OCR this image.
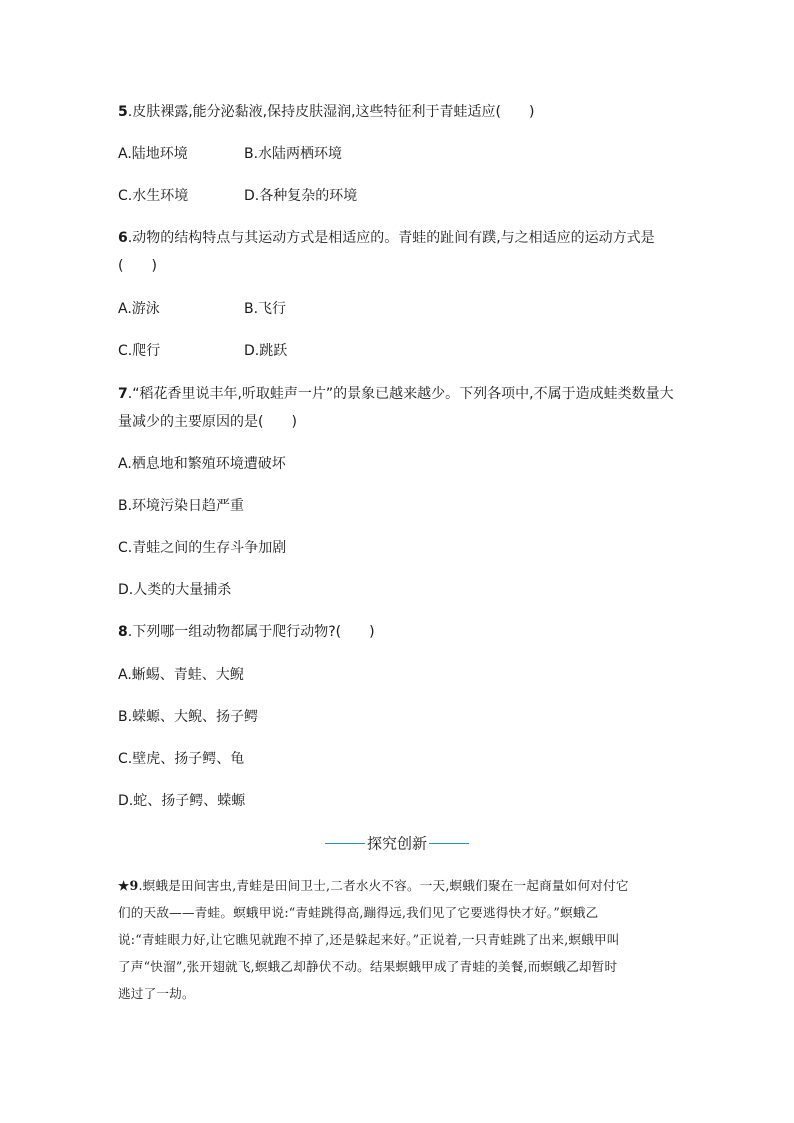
5.皮肤裸露,能分泌黏液,保持皮肤湿润,这些特征利于青蛙适应(　　)
A.陆地环境	B.水陆两栖环境
C.水生环境	D.各种复杂的环境
6.动物的结构特点与其运动方式是相适应的。青蛙的趾间有蹼,与之相适应的运动方式是
(　　)
A.游泳	B.飞行
C.爬行	D.跳跃
7.“稻花香里说丰年,听取蛙声一片”的景象已越来越少。下列各项中,不属于造成蛙类数量大
量减少的主要原因的是(　　)
A.栖息地和繁殖环境遭破坏
B.环境污染日趋严重
C.青蛙之间的生存斗争加剧
D.人类的大量捕杀
8.下列哪一组动物都属于爬行动物?(　　)
A.蜥蜴、青蛙、大鲵
B.蝾螈、大鲵、扬子鳄
C.壁虎、扬子鳄、龟
D.蛇、扬子鳄、蝾螈
探究创新
★9.螟蛾是田间害虫,青蛙是田间卫士,二者水火不容。一天,螟蛾们聚在一起商量如何对付它
们的天敌——青蛙。螟蛾甲说:“青蛙跳得高,蹦得远,我们见了它要逃得快才好。”螟蛾乙
说:“青蛙眼力好,让它瞧见就跑不掉了,还是躲起来好。”正说着,一只青蛙跳了出来,螟蛾甲叫
了声“快溜”,张开翅就飞,螟蛾乙却静伏不动。结果螟蛾甲成了青蛙的美餐,而螟蛾乙却暂时
逃过了一劫。
